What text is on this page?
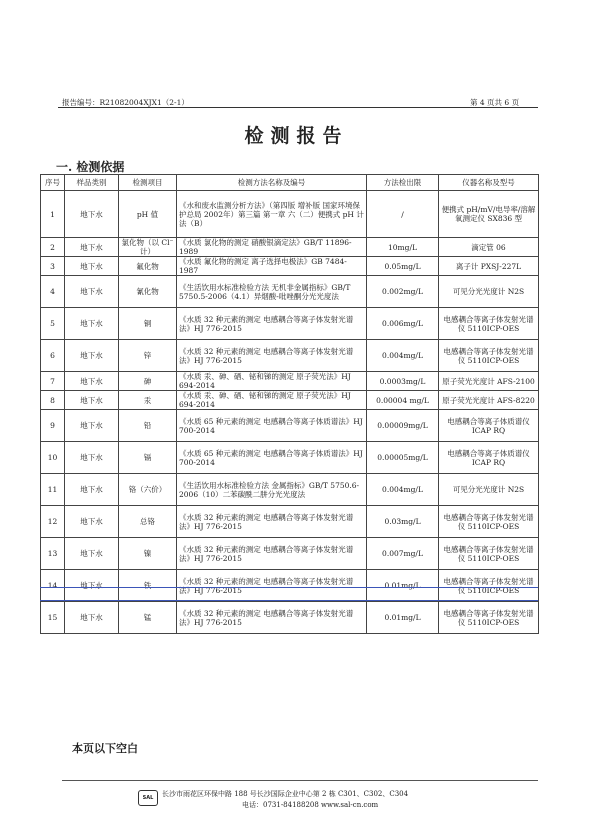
报告编号：R21082004XJX1（2-1）	第 4 页共 6 页
检测报告
一. 检测依据
序号	样品类别	检测项目	检测方法名称及编号	方法检出限	仪器名称及型号
1	地下水	pH 值	《水和废水监测分析方法》（第四版 增补版 国家环境保护总局 2002年）第三篇 第一章 六（二）便携式 pH 计法（B）	/	便携式 pH/mV/电导率/溶解氧测定仪 SX836 型
2	地下水	氯化物（以 Cl⁻计）	《水质 氯化物的测定 硝酸银滴定法》GB/T 11896-1989	10mg/L	滴定管 06
3	地下水	氟化物	《水质 氟化物的测定 离子选择电极法》GB 7484-1987	0.05mg/L	离子计 PXSJ-227L
4	地下水	氰化物	《生活饮用水标准检验方法 无机非金属指标》GB/T 5750.5-2006（4.1）异烟酸-吡唑酮分光光度法	0.002mg/L	可见分光光度计 N2S
5	地下水	铜	《水质 32 种元素的测定 电感耦合等离子体发射光谱法》HJ 776-2015	0.006mg/L	电感耦合等离子体发射光谱仪 5110ICP-OES
6	地下水	锌	《水质 32 种元素的测定 电感耦合等离子体发射光谱法》HJ 776-2015	0.004mg/L	电感耦合等离子体发射光谱仪 5110ICP-OES
7	地下水	砷	《水质 汞、砷、硒、铋和锑的测定 原子荧光法》HJ 694-2014	0.0003mg/L	原子荧光光度计 AFS-2100
8	地下水	汞	《水质 汞、砷、硒、铋和锑的测定 原子荧光法》HJ 694-2014	0.00004 mg/L	原子荧光光度计 AFS-8220
9	地下水	铅	《水质 65 种元素的测定 电感耦合等离子体质谱法》HJ 700-2014	0.00009mg/L	电感耦合等离子体质谱仪 ICAP RQ
10	地下水	镉	《水质 65 种元素的测定 电感耦合等离子体质谱法》HJ 700-2014	0.00005mg/L	电感耦合等离子体质谱仪 ICAP RQ
11	地下水	铬（六价）	《生活饮用水标准检验方法 金属指标》GB/T 5750.6-2006（10）二苯碳酰二肼分光光度法	0.004mg/L	可见分光光度计 N2S
12	地下水	总铬	《水质 32 种元素的测定 电感耦合等离子体发射光谱法》HJ 776-2015	0.03mg/L	电感耦合等离子体发射光谱仪 5110ICP-OES
13	地下水	镍	《水质 32 种元素的测定 电感耦合等离子体发射光谱法》HJ 776-2015	0.007mg/L	电感耦合等离子体发射光谱仪 5110ICP-OES
14	地下水	铁	《水质 32 种元素的测定 电感耦合等离子体发射光谱法》HJ 776-2015	0.01mg/L	电感耦合等离子体发射光谱仪 5110ICP-OES
15	地下水	锰	《水质 32 种元素的测定 电感耦合等离子体发射光谱法》HJ 776-2015	0.01mg/L	电感耦合等离子体发射光谱仪 5110ICP-OES
本页以下空白
SAL	长沙市雨花区环保中路 188 号长沙国际企业中心第 2 栋 C301、C302、C304
电话：0731-84188208 www.sal-cn.com
